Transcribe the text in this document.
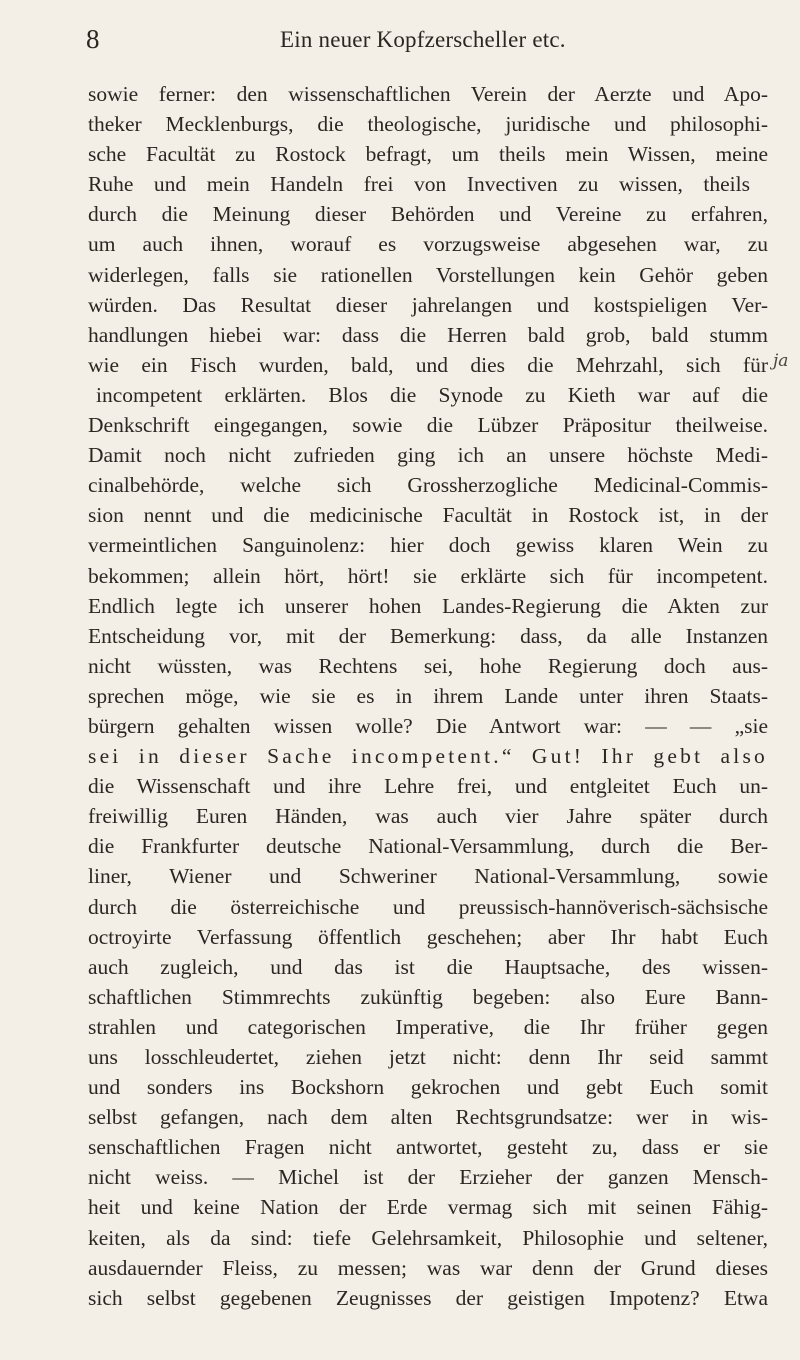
8	Ein neuer Kopfzerscheller etc.
ja
sowie ferner: den wissenschaftlichen Verein der Aerzte und Apo-
theker Mecklenburgs, die theologische, juridische und philosophi-
sche Facultät zu Rostock befragt, um theils mein Wissen, meine
Ruhe und mein Handeln frei von Invectiven zu wissen, theils
durch die Meinung dieser Behörden und Vereine zu erfahren,
um auch ihnen, worauf es vorzugsweise abgesehen war, zu
widerlegen, falls sie rationellen Vorstellungen kein Gehör geben
würden. Das Resultat dieser jahrelangen und kostspieligen Ver-
handlungen hiebei war: dass die Herren bald grob, bald stumm
wie ein Fisch wurden, bald, und dies die Mehrzahl, sich für
incompetent erklärten. Blos die Synode zu Kieth war auf die
Denkschrift eingegangen, sowie die Lübzer Präpositur theilweise.
Damit noch nicht zufrieden ging ich an unsere höchste Medi-
cinalbehörde, welche sich Grossherzogliche Medicinal-Commis-
sion nennt und die medicinische Facultät in Rostock ist, in der
vermeintlichen Sanguinolenz: hier doch gewiss klaren Wein zu
bekommen; allein hört, hört! sie erklärte sich für incompetent.
Endlich legte ich unserer hohen Landes-Regierung die Akten zur
Entscheidung vor, mit der Bemerkung: dass, da alle Instanzen
nicht wüssten, was Rechtens sei, hohe Regierung doch aus-
sprechen möge, wie sie es in ihrem Lande unter ihren Staats-
bürgern gehalten wissen wolle? Die Antwort war: — — „sie
sei in dieser Sache incompetent.“ Gut! Ihr gebt also
die Wissenschaft und ihre Lehre frei, und entgleitet Euch un-
freiwillig Euren Händen, was auch vier Jahre später durch
die Frankfurter deutsche National-Versammlung, durch die Ber-
liner, Wiener und Schweriner National-Versammlung, sowie
durch die österreichische und preussisch-hannöverisch-sächsische
octroyirte Verfassung öffentlich geschehen; aber Ihr habt Euch
auch zugleich, und das ist die Hauptsache, des wissen-
schaftlichen Stimmrechts zukünftig begeben: also Eure Bann-
strahlen und categorischen Imperative, die Ihr früher gegen
uns losschleudertet, ziehen jetzt nicht: denn Ihr seid sammt
und sonders ins Bockshorn gekrochen und gebt Euch somit
selbst gefangen, nach dem alten Rechtsgrundsatze: wer in wis-
senschaftlichen Fragen nicht antwortet, gesteht zu, dass er sie
nicht weiss. — Michel ist der Erzieher der ganzen Mensch-
heit und keine Nation der Erde vermag sich mit seinen Fähig-
keiten, als da sind: tiefe Gelehrsamkeit, Philosophie und seltener,
ausdauernder Fleiss, zu messen; was war denn der Grund dieses
sich selbst gegebenen Zeugnisses der geistigen Impotenz? Etwa
